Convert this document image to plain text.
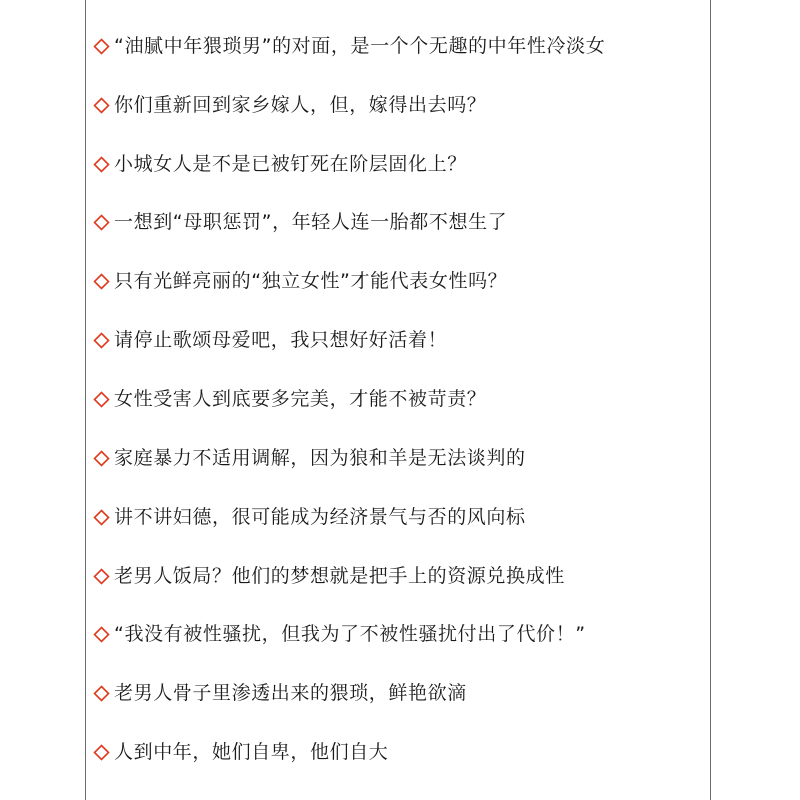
“油腻中年猥琐男”的对面，是一个个无趣的中年性冷淡女
你们重新回到家乡嫁人，但，嫁得出去吗？
小城女人是不是已被钉死在阶层固化上？
一想到“母职惩罚”，年轻人连一胎都不想生了
只有光鲜亮丽的“独立女性”才能代表女性吗？
请停止歌颂母爱吧，我只想好好活着！
女性受害人到底要多完美，才能不被苛责？
家庭暴力不适用调解，因为狼和羊是无法谈判的
讲不讲妇德，很可能成为经济景气与否的风向标
老男人饭局？他们的梦想就是把手上的资源兑换成性
“我没有被性骚扰，但我为了不被性骚扰付出了代价！”
老男人骨子里渗透出来的猥琐，鲜艳欲滴
人到中年，她们自卑，他们自大
